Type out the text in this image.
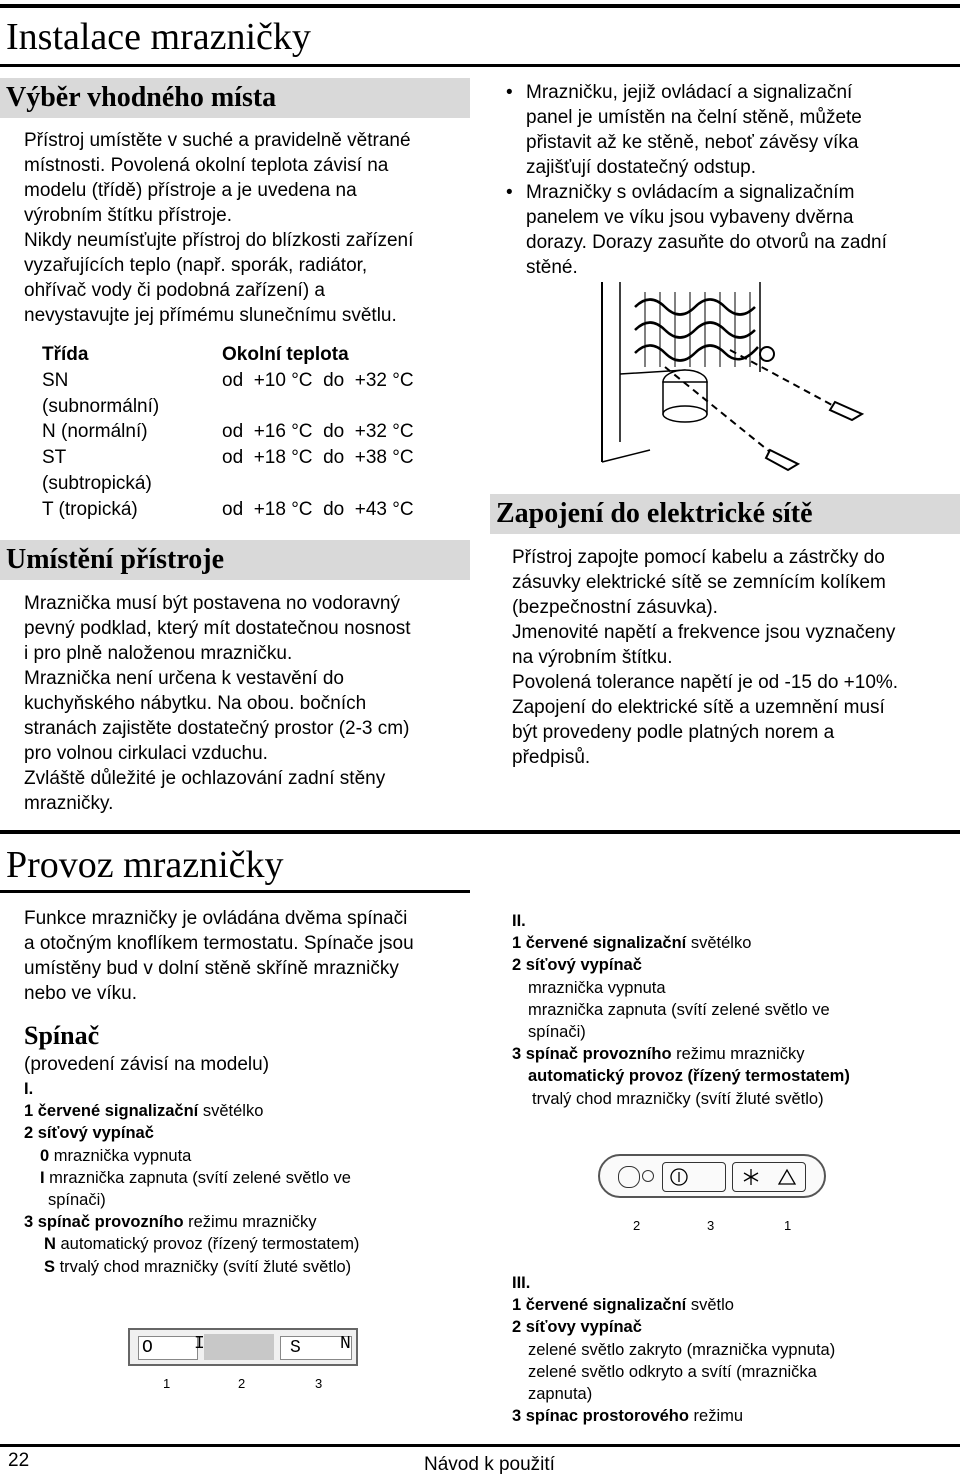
Instalace mrazničky
Výběr vhodného místa

Přístroj umístěte v suché a pravidelně větrané

místnosti. Povolená okolní teplota závisí na

modelu (třídě) přístroje a je uvedena na

výrobním štítku přístroje.

Nikdy neumísťujte přístroj do blízkosti zařízení

vyzařujících teplo (např. sporák, radiátor,

ohřívač vody či podobná zařízení) a

nevystavujte jej přímému slunečnímu světlu.

Třída	Okolní teplota

SN
(subnormální)	od  +10 °C  do  +32 °C
N (normální)	od  +16 °C  do  +32 °C

ST
(subtropická)	od  +18 °C  do  +38 °C
T (tropická)	od  +18 °C  do  +43 °C
Umístění přístroje

Mraznička musí být postavena no vodoravný

pevný podklad, který mít dostatečnou nosnost

i pro plně naloženou mrazničku.

Mraznička není určena k vestavění do

kuchyňského nábytku. Na obou. bočních

stranách zajistěte dostatečný prostor (2-3 cm)

pro volnou cirkulaci vzduchu.

Zvláště důležité je ochlazování zadní stěny

mrazničky.

• Mrazničku, jejiž ovládací a signalizační
panel je umístěn na čelní stěně, můžete
přistavit až ke stěně, neboť závěsy víka
zajišťují dostatečný odstup.
• Mrazničky s ovládacím a signalizačním
panelem ve víku jsou vybaveny dvěrna
dorazy. Dorazy zasuňte do otvorů na zadní
stěné.
Zapojení do elektrické sítě

Přístroj zapojte pomocí kabelu a zástrčky do

zásuvky elektrické sítě se zemnícím kolíkem

(bezpečnostní zásuvka).

Jmenovité napětí a frekvence jsou vyznačeny

na výrobním štítku.

Povolená tolerance napětí je od -15 do +10%.

Zapojení do elektrické sítě a uzemnění musí

být provedeny podle platných norem a

předpisů.

Provoz mrazničky

Funkce mrazničky je ovládána dvěma spínači

a otočným knoflíkem termostatu. Spínače jsou

umístěny bud v dolní stěně skříně mrazničky

nebo ve víku.

Spínač
(provedení závisí na modelu)
I.
1 červené signalizační světélko
2 síťový vypínač
0 mraznička vypnuta
I mraznička zapnuta (svítí zelené světlo ve
spínači)
3 spínač provozního režimu mrazničky
N automatický provoz (řízený termostatem)
S trvalý chod mrazničky (svítí žluté světlo)
O I	S N
1	2	3
II.
1 červené signalizační světélko
2 síťový vypínač
mraznička vypnuta
mraznička zapnuta (svítí zelené světlo ve
spínači)
3 spínač provozního režimu mrazničky
automatický provoz (řízený termostatem)
trvalý chod mrazničky (svítí žluté světlo)
2	3	1
III.
1 červené signalizační světlo
2 síťovy vypínač
zelené světlo zakryto (mraznička vypnuta)
zelené světlo odkryto a svítí (mraznička
zapnuta)
3 spínac prostorového režimu
22	Návod k použití
